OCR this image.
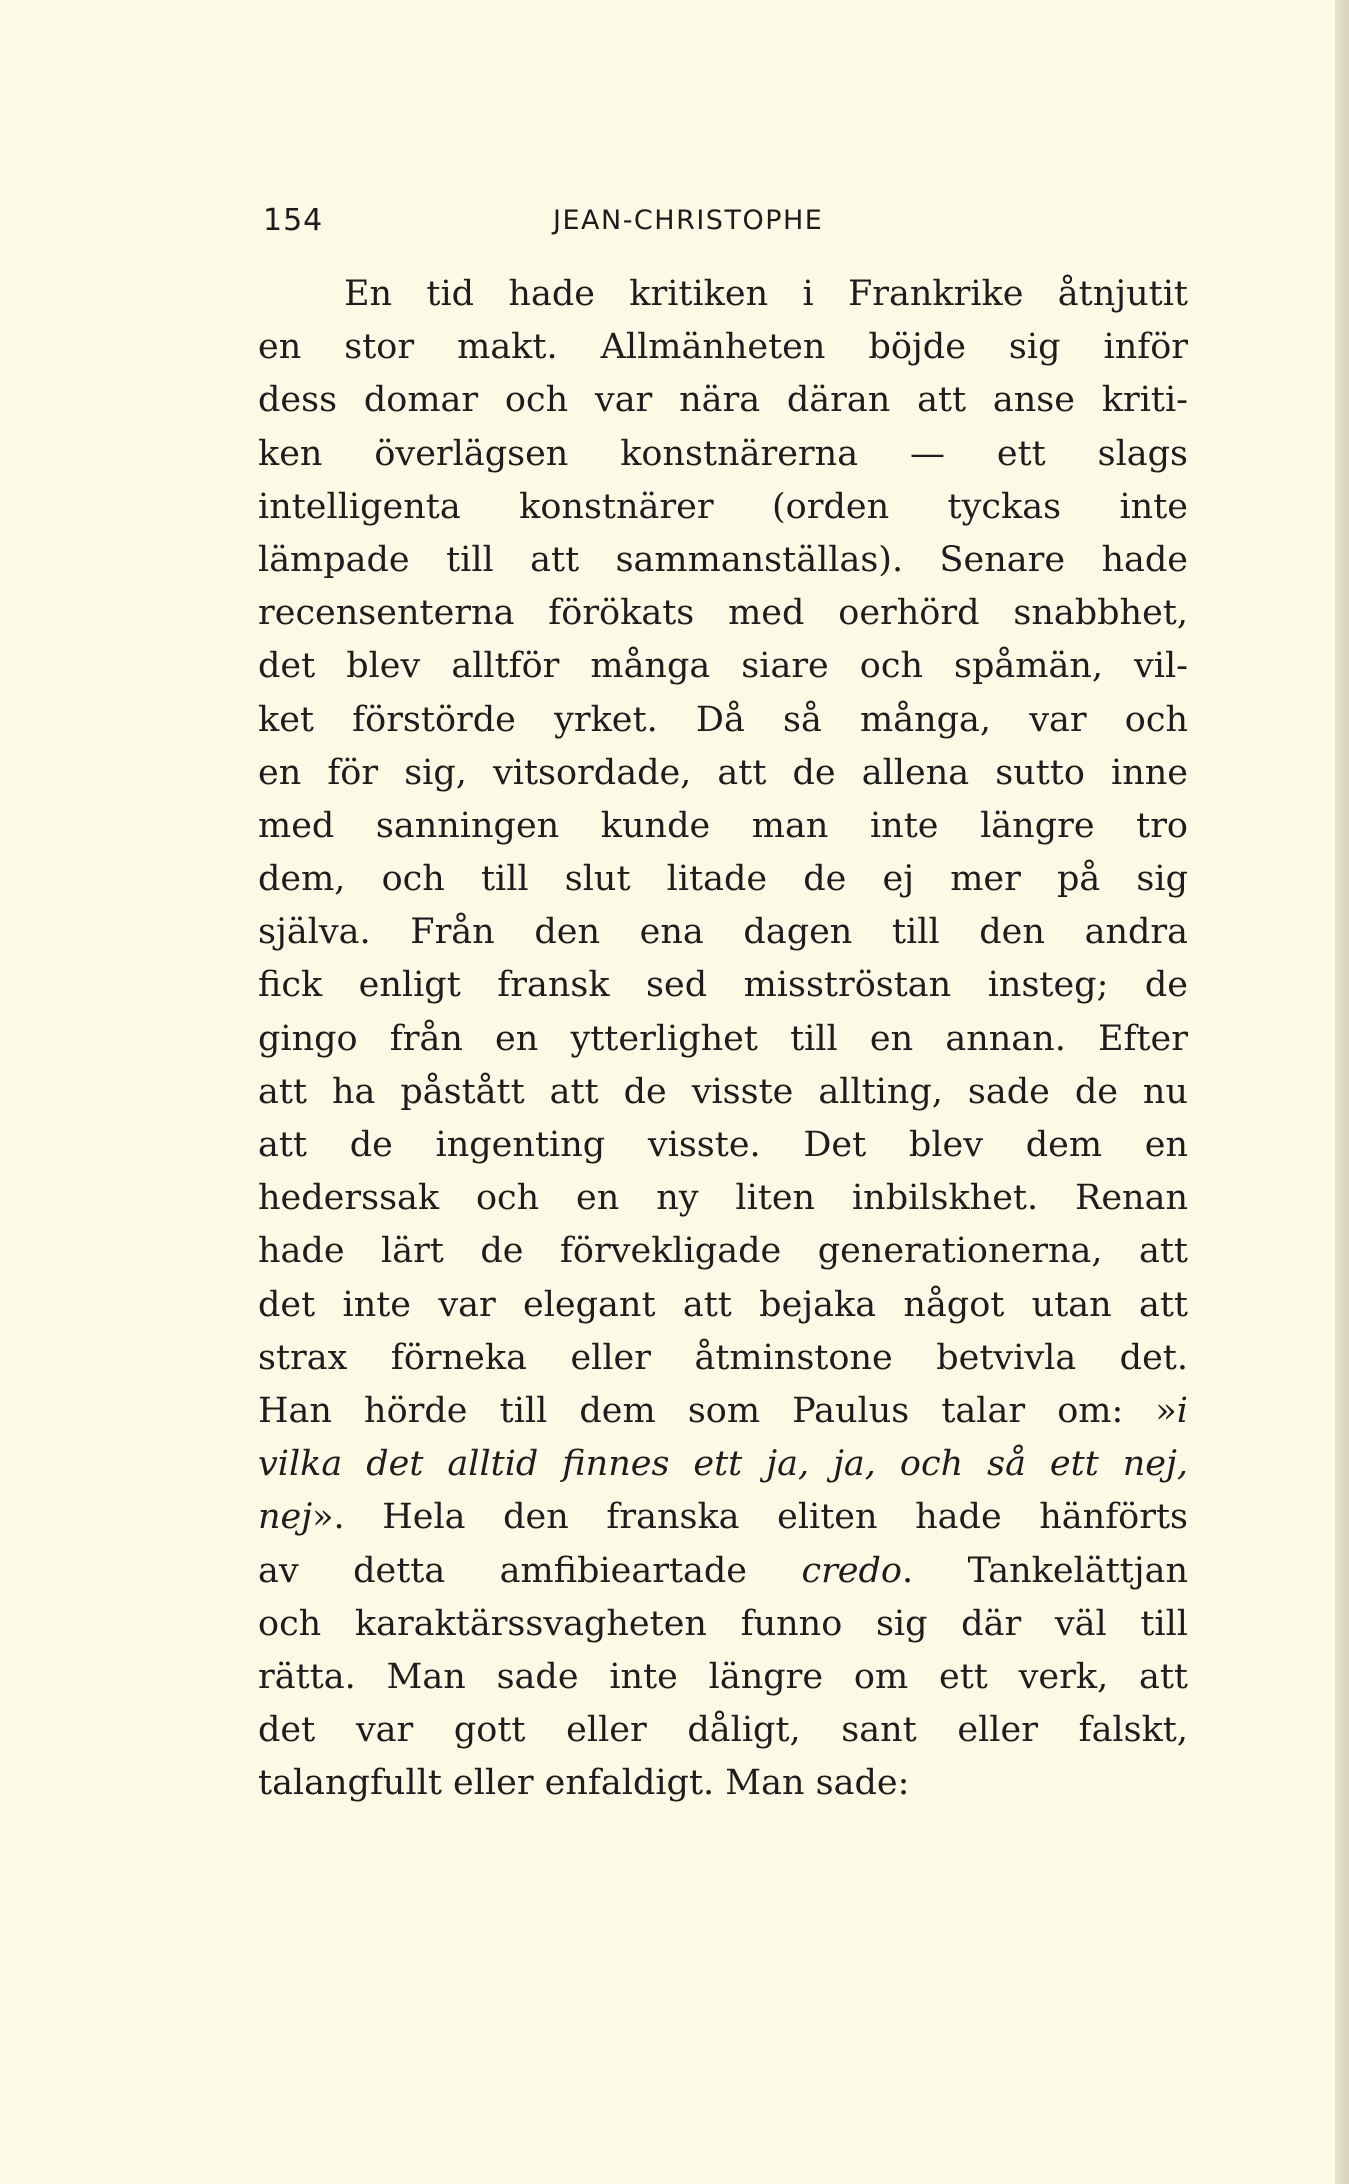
154	JEAN-CHRISTOPHE
En tid hade kritiken i Frankrike åtnjutit
en stor makt. Allmänheten böjde sig inför
dess domar och var nära däran att anse kriti-
ken överlägsen konstnärerna — ett slags
intelligenta konstnärer (orden tyckas inte
lämpade till att sammanställas). Senare hade
recensenterna förökats med oerhörd snabbhet,
det blev alltför många siare och spåmän, vil-
ket förstörde yrket. Då så många, var och
en för sig, vitsordade, att de allena sutto inne
med sanningen kunde man inte längre tro
dem, och till slut litade de ej mer på sig
själva. Från den ena dagen till den andra
fick enligt fransk sed misströstan insteg; de
gingo från en ytterlighet till en annan. Efter
att ha påstått att de visste allting, sade de nu
att de ingenting visste. Det blev dem en
hederssak och en ny liten inbilskhet. Renan
hade lärt de förvekligade generationerna, att
det inte var elegant att bejaka något utan att
strax förneka eller åtminstone betvivla det.
Han hörde till dem som Paulus talar om: »i
vilka det alltid finnes ett ja, ja, och så ett nej,
nej». Hela den franska eliten hade hänförts
av detta amfibieartade credo. Tankelättjan
och karaktärssvagheten funno sig där väl till
rätta. Man sade inte längre om ett verk, att
det var gott eller dåligt, sant eller falskt,
talangfullt eller enfaldigt. Man sade:
